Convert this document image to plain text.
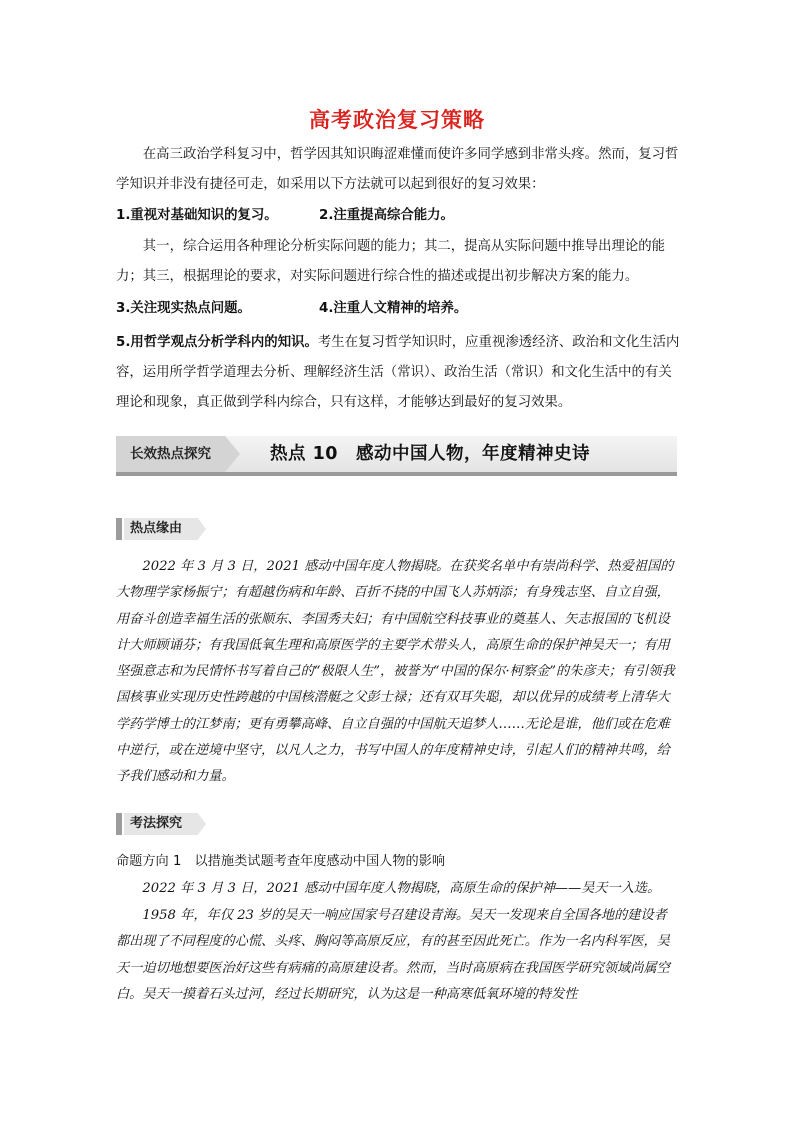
高考政治复习策略

在高三政治学科复习中，哲学因其知识晦涩难懂而使许多同学感到非常头疼。然而，复习哲学知识并非没有捷径可走，如采用以下方法就可以起到很好的复习效果：

1.重视对基础知识的复习。	2.注重提高综合能力。

其一，综合运用各种理论分析实际问题的能力；其二，提高从实际问题中推导出理论的能力；其三，根据理论的要求，对实际问题进行综合性的描述或提出初步解决方案的能力。

3.关注现实热点问题。	4.注重人文精神的培养。

5.用哲学观点分析学科内的知识。考生在复习哲学知识时，应重视渗透经济、政治和文化生活内容，运用所学哲学道理去分析、理解经济生活（常识）、政治生活（常识）和文化生活中的有关理论和现象，真正做到学科内综合，只有这样，才能够达到最好的复习效果。

长效热点探究	热点 10　感动中国人物，年度精神史诗
热点缘由

2022 年 3 月 3 日，2021 感动中国年度人物揭晓。在获奖名单中有崇尚科学、热爱祖国的大物理学家杨振宁；有超越伤病和年龄、百折不挠的中国飞人苏炳添；有身残志坚、自立自强，用奋斗创造幸福生活的张顺东、李国秀夫妇；有中国航空科技事业的奠基人、矢志报国的飞机设计大师顾诵芬；有我国低氧生理和高原医学的主要学术带头人，高原生命的保护神吴天一；有用坚强意志和为民情怀书写着自己的“极限人生”，被誉为“中国的保尔·柯察金”的朱彦夫；有引领我国核事业实现历史性跨越的中国核潜艇之父彭士禄；还有双耳失聪，却以优异的成绩考上清华大学药学博士的江梦南；更有勇攀高峰、自立自强的中国航天追梦人……无论是谁，他们或在危难中逆行，或在逆境中坚守，以凡人之力，书写中国人的年度精神史诗，引起人们的精神共鸣，给予我们感动和力量。

考法探究
命题方向 1　以措施类试题考查年度感动中国人物的影响

2022 年 3 月 3 日，2021 感动中国年度人物揭晓，高原生命的保护神——吴天一入选。

1958 年，年仅 23 岁的吴天一响应国家号召建设青海。吴天一发现来自全国各地的建设者都出现了不同程度的心慌、头疼、胸闷等高原反应，有的甚至因此死亡。作为一名内科军医，吴天一迫切地想要医治好这些有病痛的高原建设者。然而，当时高原病在我国医学研究领域尚属空白。吴天一摸着石头过河，经过长期研究，认为这是一种高寒低氧环境的特发性
